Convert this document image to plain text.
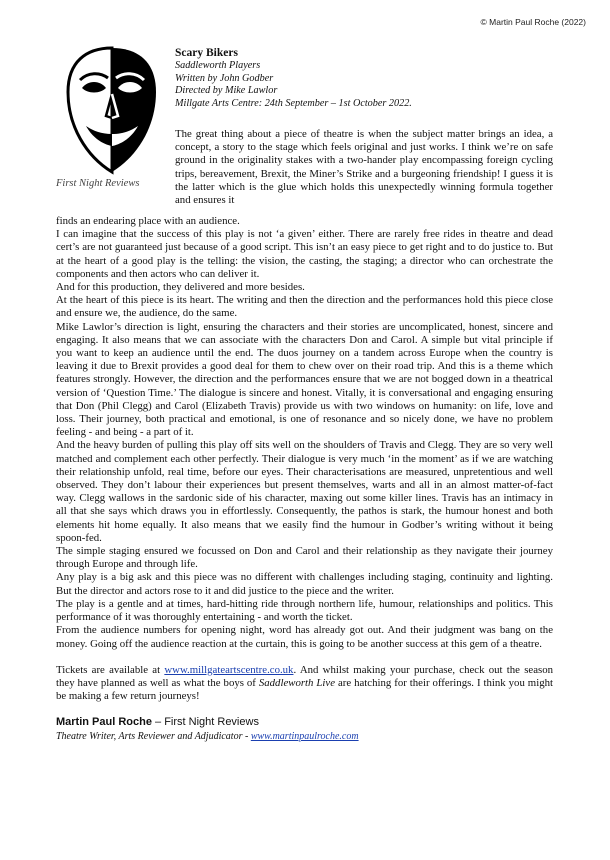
© Martin Paul Roche (2022)
First Night Reviews
Scary Bikers
Saddleworth Players
Written by John Godber
Directed by Mike Lawlor
Millgate Arts Centre: 24th September – 1st October 2022.

The great thing about a piece of theatre is when the subject matter brings an idea, a concept, a story to the stage which feels original and just works. I think we’re on safe ground in the originality stakes with a two-hander play encompassing foreign cycling trips, bereavement, Brexit, the Miner’s Strike and a burgeoning friendship! I guess it is the latter which is the glue which holds this unexpectedly winning formula together and ensures it

finds an endearing place with an audience.

I can imagine that the success of this play is not ‘a given’ either. There are rarely free rides in theatre and dead cert’s are not guaranteed just because of a good script. This isn’t an easy piece to get right and to do justice to. But at the heart of a good play is the telling: the vision, the casting, the staging; a director who can orchestrate the components and then actors who can deliver it.

And for this production, they delivered and more besides.

At the heart of this piece is its heart. The writing and then the direction and the performances hold this piece close and ensure we, the audience, do the same.

Mike Lawlor’s direction is light, ensuring the characters and their stories are uncomplicated, honest, sincere and engaging. It also means that we can associate with the characters Don and Carol. A simple but vital principle if you want to keep an audience until the end. The duos journey on a tandem across Europe when the country is leaving it due to Brexit provides a good deal for them to chew over on their road trip. And this is a theme which features strongly. However, the direction and the performances ensure that we are not bogged down in a theatrical version of ‘Question Time.’ The dialogue is sincere and honest. Vitally, it is conversational and engaging ensuring that Don (Phil Clegg) and Carol (Elizabeth Travis) provide us with two windows on humanity: on life, love and loss. Their journey, both practical and emotional, is one of resonance and so nicely done, we have no problem feeling - and being - a part of it.

And the heavy burden of pulling this play off sits well on the shoulders of Travis and Clegg. They are so very well matched and complement each other perfectly. Their dialogue is very much ‘in the moment’ as if we are watching their relationship unfold, real time, before our eyes. Their characterisations are measured, unpretentious and well observed. They don’t labour their experiences but present themselves, warts and all in an almost matter-of-fact way. Clegg wallows in the sardonic side of his character, maxing out some killer lines. Travis has an intimacy in all that she says which draws you in effortlessly. Consequently, the pathos is stark, the humour honest and both elements hit home equally. It also means that we easily find the humour in Godber’s writing without it being spoon-fed.

The simple staging ensured we focussed on Don and Carol and their relationship as they navigate their journey through Europe and through life.

Any play is a big ask and this piece was no different with challenges including staging, continuity and lighting. But the director and actors rose to it and did justice to the piece and the writer.

The play is a gentle and at times, hard-hitting ride through northern life, humour, relationships and politics. This performance of it was thoroughly entertaining - and worth the ticket.

From the audience numbers for opening night, word has already got out. And their judgment was bang on the money. Going off the audience reaction at the curtain, this is going to be another success at this gem of a theatre.

Tickets are available at www.millgateartscentre.co.uk. And whilst making your purchase, check out the season they have planned as well as what the boys of Saddleworth Live are hatching for their offerings. I think you might be making a few return journeys!

Martin Paul Roche – First Night Reviews
Theatre Writer, Arts Reviewer and Adjudicator - www.martinpaulroche.com
